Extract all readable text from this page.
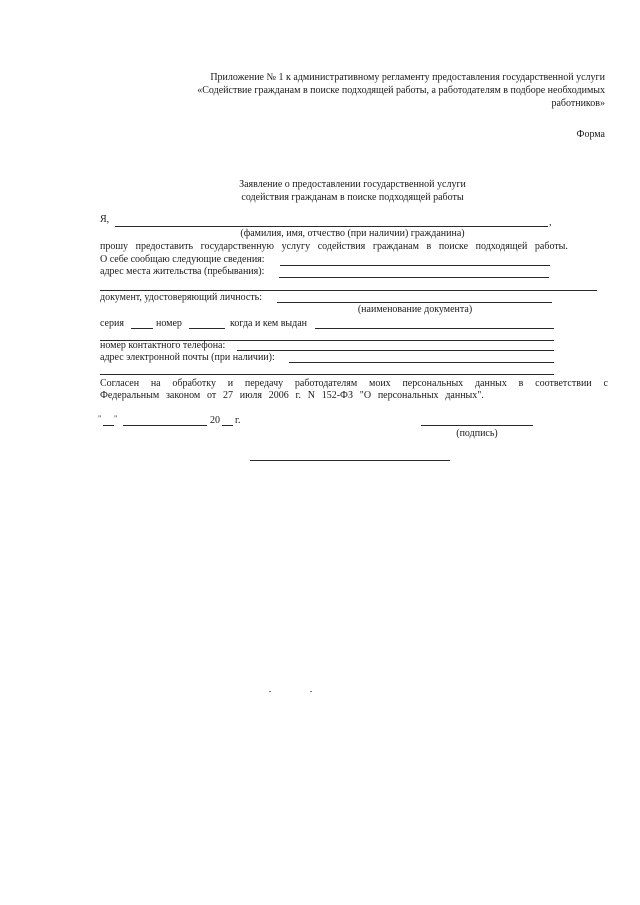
Приложение № 1 к административному регламенту предоставления государственной услуги
«Содействие гражданам в поиске подходящей работы, а работодателям в подборе необходимых
работников»
Форма
Заявление о предоставлении государственной услуги
содействия гражданам в поиске подходящей работы
Я,	,
(фамилия, имя, отчество (при наличии) гражданина)
прошу предоставить государственную услугу содействия гражданам в поиске подходящей работы.
О себе сообщаю следующие сведения:
адрес места жительства (пребывания):
документ, удостоверяющий личность:
(наименование документа)
серия	номер	когда и кем выдан
номер контактного телефона:
адрес электронной почты (при наличии):
Согласен на обработку и передачу работодателям моих персональных данных в соответствии с
Федеральным законом от 27 июля 2006 г. N 152-ФЗ "О персональных данных".
" "	20 г.
(подпись)
